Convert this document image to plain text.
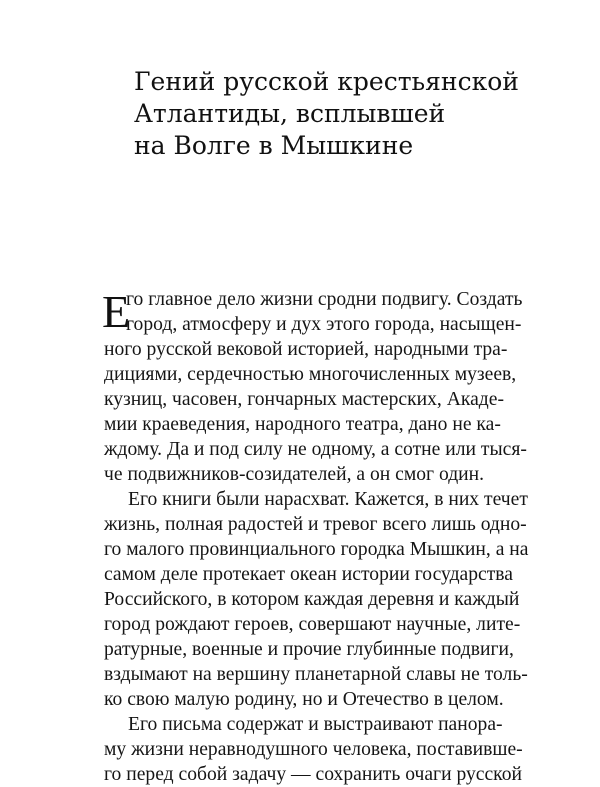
Гений русской крестьянской
Атлантиды, всплывшей
на Волге в Мышкине
Е
го главное дело жизни сродни подвигу. Создать
город, атмосферу и дух этого города, насыщен-
ного русской вековой историей, народными тра-
дициями, сердечностью многочисленных музеев,
кузниц, часовен, гончарных мастерских, Акаде-
мии краеведения, народного театра, дано не ка-
ждому. Да и под силу не одному, а сотне или тыся-
че подвижников-созидателей, а он смог один.
Его книги были нарасхват. Кажется, в них течет
жизнь, полная радостей и тревог всего лишь одно-
го малого провинциального городка Мышкин, а на
самом деле протекает океан истории государства
Российского, в котором каждая деревня и каждый
город рождают героев, совершают научные, лите-
ратурные, военные и прочие глубинные подвиги,
вздымают на вершину планетарной славы не толь-
ко свою малую родину, но и Отечество в целом.
Его письма содержат и выстраивают панора-
му жизни неравнодушного человека, поставивше-
го перед собой задачу — сохранить очаги русской
